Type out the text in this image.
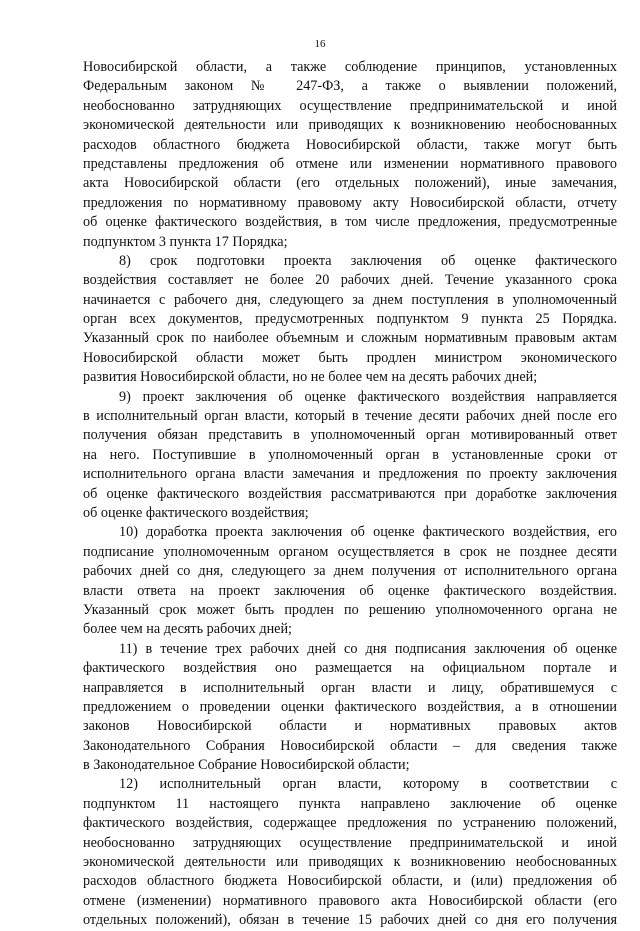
16
Новосибирской области, а также соблюдение принципов, установленных
Федеральным законом № 247-ФЗ, а также о выявлении положений,
необоснованно затрудняющих осуществление предпринимательской и иной
экономической деятельности или приводящих к возникновению необоснованных
расходов областного бюджета Новосибирской области, также могут быть
представлены предложения об отмене или изменении нормативного правового
акта Новосибирской области (его отдельных положений), иные замечания,
предложения по нормативному правовому акту Новосибирской области, отчету
об оценке фактического воздействия, в том числе предложения, предусмотренные
подпунктом 3 пункта 17 Порядка;
8) срок подготовки проекта заключения об оценке фактического
воздействия составляет не более 20 рабочих дней. Течение указанного срока
начинается с рабочего дня, следующего за днем поступления в уполномоченный
орган всех документов, предусмотренных подпунктом 9 пункта 25 Порядка.
Указанный срок по наиболее объемным и сложным нормативным правовым актам
Новосибирской области может быть продлен министром экономического
развития Новосибирской области, но не более чем на десять рабочих дней;
9) проект заключения об оценке фактического воздействия направляется
в исполнительный орган власти, который в течение десяти рабочих дней после его
получения обязан представить в уполномоченный орган мотивированный ответ
на него. Поступившие в уполномоченный орган в установленные сроки от
исполнительного органа власти замечания и предложения по проекту заключения
об оценке фактического воздействия рассматриваются при доработке заключения
об оценке фактического воздействия;
10) доработка проекта заключения об оценке фактического воздействия, его
подписание уполномоченным органом осуществляется в срок не позднее десяти
рабочих дней со дня, следующего за днем получения от исполнительного органа
власти ответа на проект заключения об оценке фактического воздействия.
Указанный срок может быть продлен по решению уполномоченного органа не
более чем на десять рабочих дней;
11) в течение трех рабочих дней со дня подписания заключения об оценке
фактического воздействия оно размещается на официальном портале и
направляется в исполнительный орган власти и лицу, обратившемуся с
предложением о проведении оценки фактического воздействия, а в отношении
законов Новосибирской области и нормативных правовых актов
Законодательного Собрания Новосибирской области – для сведения также
в Законодательное Собрание Новосибирской области;
12) исполнительный орган власти, которому в соответствии с
подпунктом 11 настоящего пункта направлено заключение об оценке
фактического воздействия, содержащее предложения по устранению положений,
необоснованно затрудняющих осуществление предпринимательской и иной
экономической деятельности или приводящих к возникновению необоснованных
расходов областного бюджета Новосибирской области, и (или) предложения об
отмене (изменении) нормативного правового акта Новосибирской области (его
отдельных положений), обязан в течение 15 рабочих дней со дня его получения
